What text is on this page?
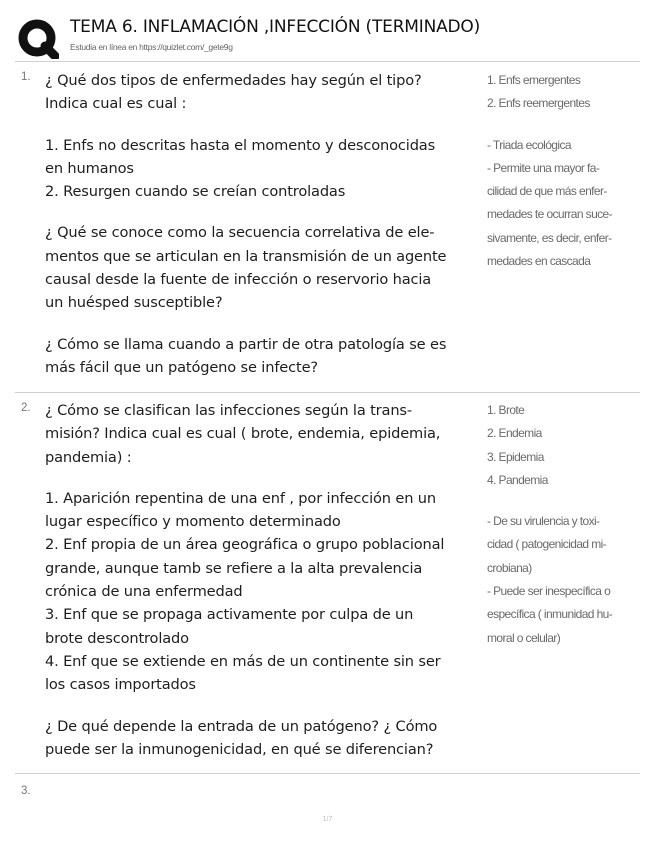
TEMA 6. INFLAMACIÓN ,INFECCIÓN (TERMINADO)
Estudia en línea en https://quizlet.com/_gete9g
1. ¿ Qué dos tipos de enfermedades hay según el tipo?

Indica cual es cual :

1. Enfs no descritas hasta el momento y desconocidas

en humanos

2. Resurgen cuando se creían controladas

¿ Qué se conoce como la secuencia correlativa de ele-

mentos que se articulan en la transmisión de un agente

causal desde la fuente de infección o reservorio hacia

un huésped susceptible?

¿ Cómo se llama cuando a partir de otra patología se es

más fácil que un patógeno se infecte?

1. Enfs emergentes

2. Enfs reemergentes

- Triada ecológica

- Permite una mayor fa-

cilidad de que más enfer-

medades te ocurran suce-

sivamente, es decir, enfer-

medades en cascada

2. ¿ Cómo se clasifican las infecciones según la trans-

misión? Indica cual es cual ( brote, endemia, epidemia,

pandemia) :

1. Aparición repentina de una enf , por infección en un

lugar específico y momento determinado

2. Enf propia de un área geográfica o grupo poblacional

grande, aunque tamb se refiere a la alta prevalencia

crónica de una enfermedad

3. Enf que se propaga activamente por culpa de un

brote descontrolado

4. Enf que se extiende en más de un continente sin ser

los casos importados

¿ De qué depende la entrada de un patógeno? ¿ Cómo

puede ser la inmunogenicidad, en qué se diferencian?

1. Brote

2. Endemia

3. Epidemia

4. Pandemia

- De su virulencia y toxi-

cidad ( patogenicidad mi-

crobiana)

- Puede ser inespecífica o

específica ( inmunidad hu-

moral o celular)

3.
1/7
